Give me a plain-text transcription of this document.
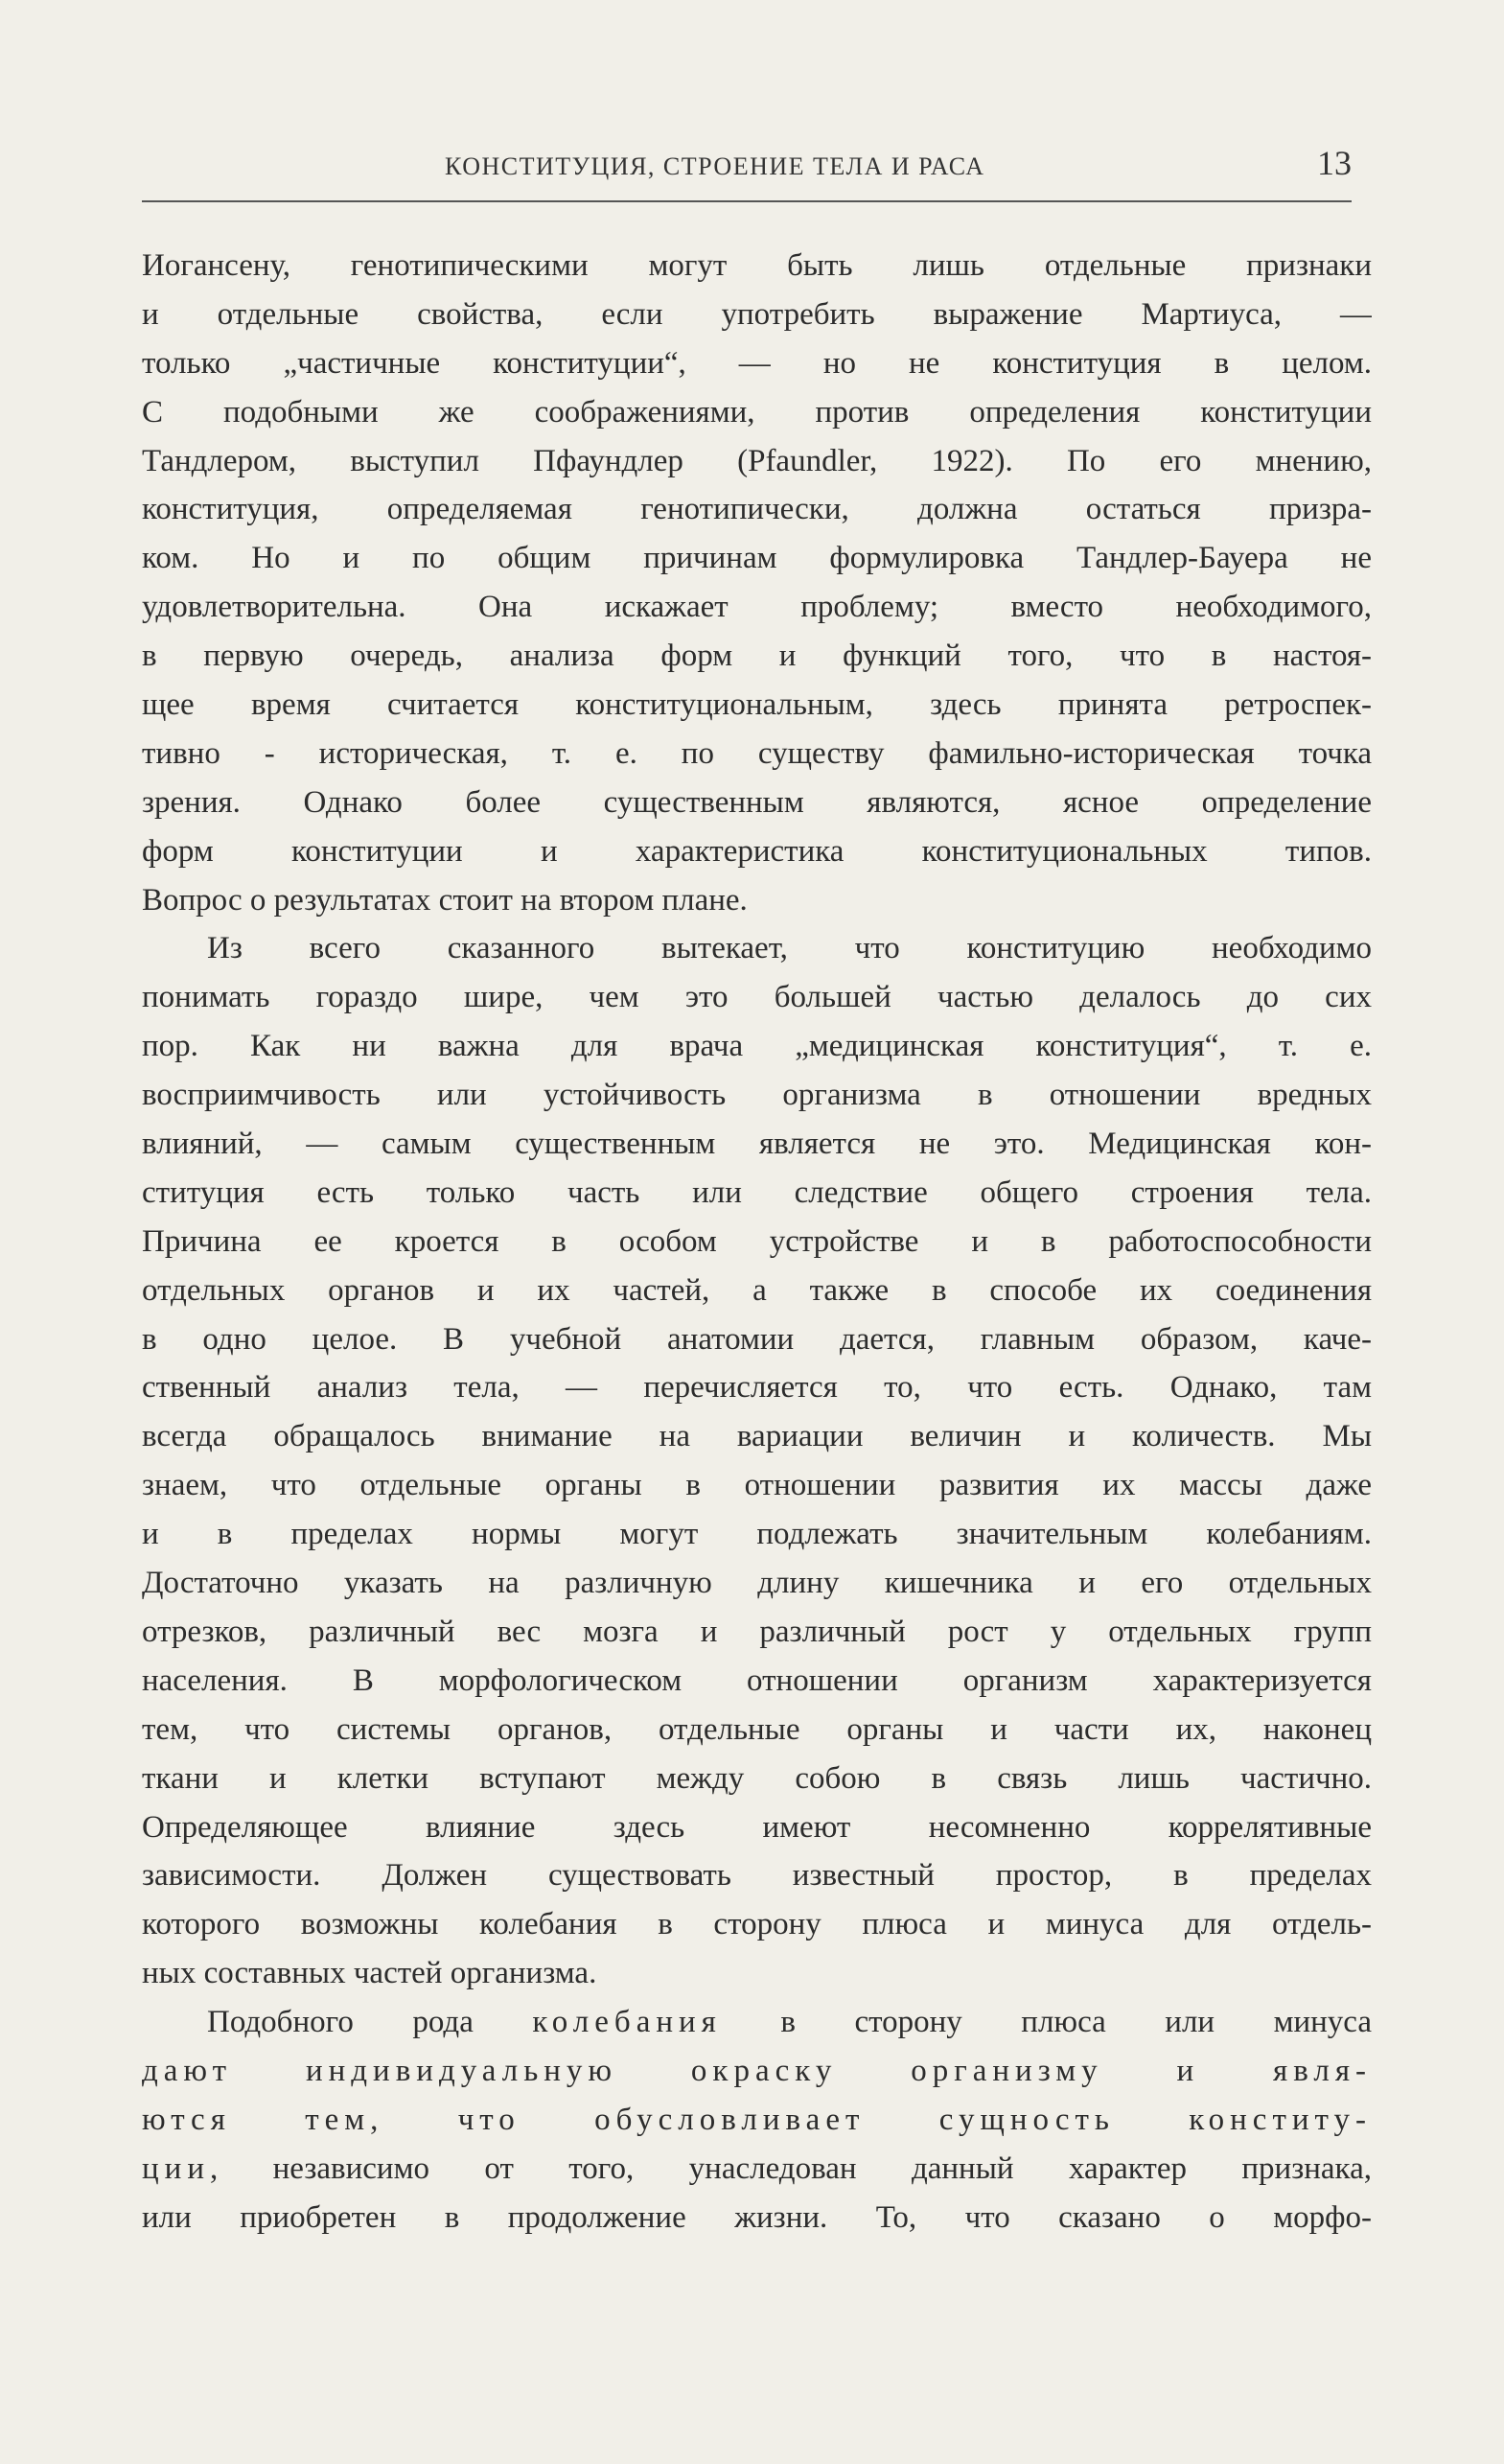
КОНСТИТУЦИЯ, СТРОЕНИЕ ТЕЛА И РАСА	13
Иогансену, генотипическими могут быть лишь отдельные признаки
и отдельные свойства, если употребить выражение Мартиуса, —
только „частичные конституции“, — но не конституция в целом.
С подобными же соображениями, против определения конституции
Тандлером, выступил Пфаундлер (Pfaundler, 1922). По его мнению,
конституция, определяемая генотипически, должна остаться призра-
ком. Но и по общим причинам формулировка Тандлер-Бауера не
удовлетворительна. Она искажает проблему; вместо необходимого,
в первую очередь, анализа форм и функций того, что в настоя-
щее время считается конституциональным, здесь принята ретроспек-
тивно - историческая, т. е. по существу фамильно-историческая точка
зрения. Однако более существенным являются, ясное определение
форм конституции и характеристика конституциональных типов.
Вопрос о результатах стоит на втором плане.
Из всего сказанного вытекает, что конституцию необходимо
понимать гораздо шире, чем это большей частью делалось до сих
пор. Как ни важна для врача „медицинская конституция“, т. е.
восприимчивость или устойчивость организма в отношении вредных
влияний, — самым существенным является не это. Медицинская кон-
ституция есть только часть или следствие общего строения тела.
Причина ее кроется в особом устройстве и в работоспособности
отдельных органов и их частей, а также в способе их соединения
в одно целое. В учебной анатомии дается, главным образом, каче-
ственный анализ тела, — перечисляется то, что есть. Однако, там
всегда обращалось внимание на вариации величин и количеств. Мы
знаем, что отдельные органы в отношении развития их массы даже
и в пределах нормы могут подлежать значительным колебаниям.
Достаточно указать на различную длину кишечника и его отдельных
отрезков, различный вес мозга и различный рост у отдельных групп
населения. В морфологическом отношении организм характеризуется
тем, что системы органов, отдельные органы и части их, наконец
ткани и клетки вступают между собою в связь лишь частично.
Определяющее влияние здесь имеют несомненно коррелятивные
зависимости. Должен существовать известный простор, в пределах
которого возможны колебания в сторону плюса и минуса для отдель-
ных составных частей организма.
Подобного рода колебания в сторону плюса или минуса
дают индивидуальную окраску организму и явля-
ются тем, что обусловливает сущность конститу-
ции, независимо от того, унаследован данный характер признака,
или приобретен в продолжение жизни. То, что сказано о морфо-
